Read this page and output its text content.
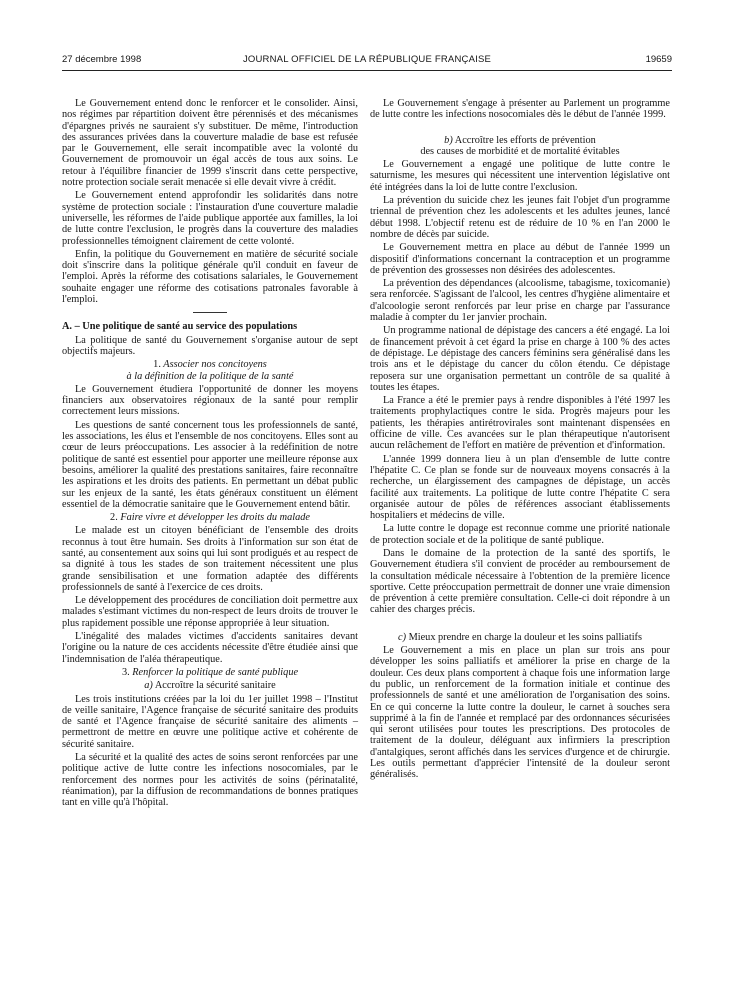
27 décembre 1998	JOURNAL OFFICIEL DE LA RÉPUBLIQUE FRANÇAISE	19659

Le Gouvernement entend donc le renforcer et le consolider. Ainsi, nos régimes par répartition doivent être pérennisés et des mécanismes d'épargnes privés ne sauraient s'y substituer. De même, l'introduction des assurances privées dans la couverture maladie de base est refusée par le Gouvernement, elle serait incompatible avec la volonté du Gouvernement de promouvoir un égal accès de tous aux soins. Le retour à l'équilibre financier de 1999 s'inscrit dans cette perspective, notre protection sociale serait menacée si elle devait vivre à crédit.

Le Gouvernement entend approfondir les solidarités dans notre système de protection sociale : l'instauration d'une couverture maladie universelle, les réformes de l'aide publique apportée aux familles, la loi de lutte contre l'exclusion, le progrès dans la couverture des maladies professionnelles témoignent clairement de cette volonté.

Enfin, la politique du Gouvernement en matière de sécurité sociale doit s'inscrire dans la politique générale qu'il conduit en faveur de l'emploi. Après la réforme des cotisations salariales, le Gouvernement souhaite engager une réforme des cotisations patronales favorable à l'emploi.

A. – Une politique de santé au service des populations

La politique de santé du Gouvernement s'organise autour de sept objectifs majeurs.

1. Associer nos concitoyens
à la définition de la politique de la santé

Le Gouvernement étudiera l'opportunité de donner les moyens financiers aux observatoires régionaux de la santé pour remplir correctement leurs missions.

Les questions de santé concernent tous les professionnels de santé, les associations, les élus et l'ensemble de nos concitoyens. Elles sont au cœur de leurs préoccupations. Les associer à la redéfinition de notre politique de santé est essentiel pour apporter une meilleure réponse aux besoins, améliorer la qualité des prestations sanitaires, faire reconnaître les aspirations et les droits des patients. En permettant un débat public sur les enjeux de la santé, les états généraux constituent un élément essentiel de la démocratie sanitaire que le Gouvernement entend bâtir.

2. Faire vivre et développer les droits du malade

Le malade est un citoyen bénéficiant de l'ensemble des droits reconnus à tout être humain. Ses droits à l'information sur son état de santé, au consentement aux soins qui lui sont prodigués et au respect de sa dignité à tous les stades de son traitement nécessitent une plus grande sensibilisation et une formation adaptée des différents professionnels de santé à l'exercice de ces droits.

Le développement des procédures de conciliation doit permettre aux malades s'estimant victimes du non-respect de leurs droits de trouver le plus rapidement possible une réponse appropriée à leur situation.

L'inégalité des malades victimes d'accidents sanitaires devant l'origine ou la nature de ces accidents nécessite d'être étudiée ainsi que l'indemnisation de l'aléa thérapeutique.

3. Renforcer la politique de santé publique

a) Accroître la sécurité sanitaire

Les trois institutions créées par la loi du 1er juillet 1998 – l'Institut de veille sanitaire, l'Agence française de sécurité sanitaire des produits de santé et l'Agence française de sécurité sanitaire des aliments – permettront de mettre en œuvre une politique active et cohérente de sécurité sanitaire.

La sécurité et la qualité des actes de soins seront renforcées par une politique active de lutte contre les infections nosocomiales, par le renforcement des normes pour les activités de soins (périnatalité, réanimation), par la diffusion de recommandations de bonnes pratiques tant en ville qu'à l'hôpital.

Le Gouvernement s'engage à présenter au Parlement un programme de lutte contre les infections nosocomiales dès le début de l'année 1999.

b) Accroître les efforts de prévention
des causes de morbidité et de mortalité évitables

Le Gouvernement a engagé une politique de lutte contre le saturnisme, les mesures qui nécessitent une intervention législative ont été intégrées dans la loi de lutte contre l'exclusion.

La prévention du suicide chez les jeunes fait l'objet d'un programme triennal de prévention chez les adolescents et les adultes jeunes, lancé début 1998. L'objectif retenu est de réduire de 10 % en l'an 2000 le nombre de décès par suicide.

Le Gouvernement mettra en place au début de l'année 1999 un dispositif d'informations concernant la contraception et un programme de prévention des grossesses non désirées des adolescentes.

La prévention des dépendances (alcoolisme, tabagisme, toxicomanie) sera renforcée. S'agissant de l'alcool, les centres d'hygiène alimentaire et d'alcoologie seront renforcés par leur prise en charge par l'assurance maladie à compter du 1er janvier prochain.

Un programme national de dépistage des cancers a été engagé. La loi de financement prévoit à cet égard la prise en charge à 100 % des actes de dépistage. Le dépistage des cancers féminins sera généralisé dans les trois ans et le dépistage du cancer du côlon étendu. Ce dépistage reposera sur une organisation permettant un contrôle de sa qualité à toutes les étapes.

La France a été le premier pays à rendre disponibles à l'été 1997 les traitements prophylactiques contre le sida. Progrès majeurs pour les patients, les thérapies antirétrovirales sont maintenant dispensées en officine de ville. Ces avancées sur le plan thérapeutique n'autorisent aucun relâchement de l'effort en matière de prévention et d'information.

L'année 1999 donnera lieu à un plan d'ensemble de lutte contre l'hépatite C. Ce plan se fonde sur de nouveaux moyens consacrés à la recherche, un élargissement des campagnes de dépistage, un accès facilité aux traitements. La politique de lutte contre l'hépatite C sera organisée autour de pôles de références associant établissements hospitaliers et médecins de ville.

La lutte contre le dopage est reconnue comme une priorité nationale de protection sociale et de la politique de santé publique.

Dans le domaine de la protection de la santé des sportifs, le Gouvernement étudiera s'il convient de procéder au remboursement de la consultation médicale nécessaire à l'obtention de la première licence sportive. Cette préoccupation permettrait de donner une vraie dimension de prévention à cette première consultation. Celle-ci doit répondre à un cahier des charges précis.

c) Mieux prendre en charge la douleur et les soins palliatifs

Le Gouvernement a mis en place un plan sur trois ans pour développer les soins palliatifs et améliorer la prise en charge de la douleur. Ces deux plans comportent à chaque fois une information large du public, un renforcement de la formation initiale et continue des professionnels de santé et une amélioration de l'organisation des soins. En ce qui concerne la lutte contre la douleur, le carnet à souches sera supprimé à la fin de l'année et remplacé par des ordonnances sécurisées qui seront utilisées pour toutes les prescriptions. Des protocoles de traitement de la douleur, déléguant aux infirmiers la prescription d'antalgiques, seront affichés dans les services d'urgence et de chirurgie. Les outils permettant d'apprécier l'intensité de la douleur seront généralisés.
